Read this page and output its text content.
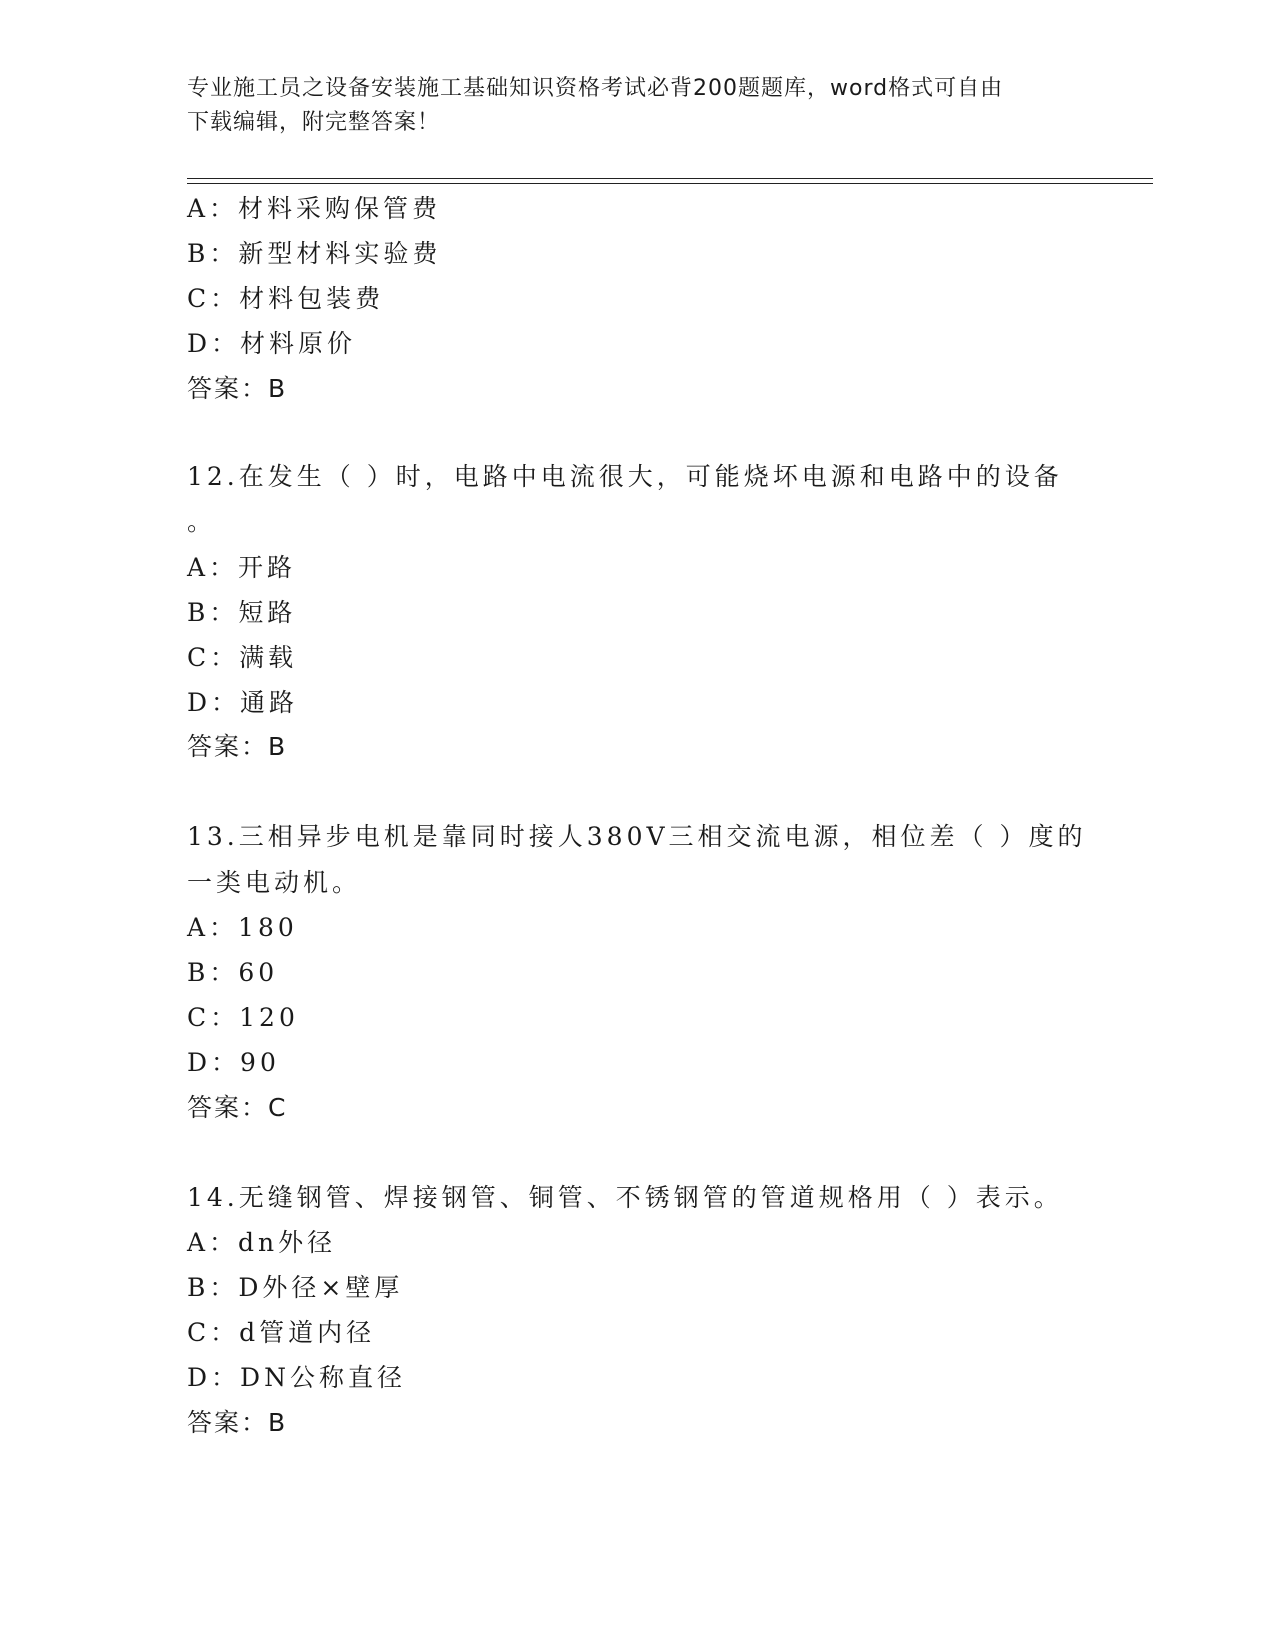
专业施工员之设备安装施工基础知识资格考试必背200题题库，word格式可自由
下载编辑，附完整答案！
A：材料采购保管费
B：新型材料实验费
C：材料包装费
D：材料原价
答案：B
12.在发生（ ）时，电路中电流很大，可能烧坏电源和电路中的设备
。
A：开路
B：短路
C：满载
D：通路
答案：B
13.三相异步电机是靠同时接人380V三相交流电源，相位差（ ）度的
一类电动机。
A：180
B：60
C：120
D：90
答案：C
14.无缝钢管、焊接钢管、铜管、不锈钢管的管道规格用（ ）表示。
A：dn外径
B：D外径×壁厚
C：d管道内径
D：DN公称直径
答案：B
